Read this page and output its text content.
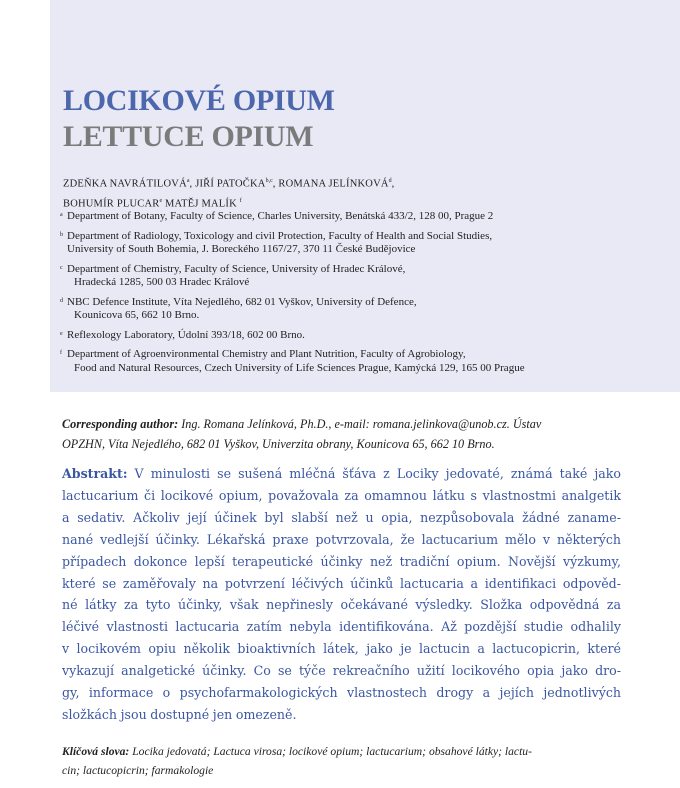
LOCIKOVÉ OPIUM
LETTUCE OPIUM
ZDEŇKA NAVRÁTILOVÁ$^a$, JIŘÍ PATOČKA$^{b,c}$, ROMANA JELÍNKOVÁ$^d$,
BOHUMÍR PLUCAR$^e$ MATĚJ MALÍK $^f$
a Department of Botany, Faculty of Science, Charles University, Benátská 433/2, 128 00, Prague 2
b Department of Radiology, Toxicology and civil Protection, Faculty of Health and Social Studies,
University of South Bohemia, J. Boreckého 1167/27, 370 11 České Budějovice
c Department of Chemistry, Faculty of Science, University of Hradec Králové,
Hradecká 1285, 500 03 Hradec Králové
d NBC Defence Institute, Víta Nejedlého, 682 01 Vyškov, University of Defence,
Kounicova 65, 662 10 Brno.
e Reflexology Laboratory, Údolní 393/18, 602 00 Brno.
f Department of Agroenvironmental Chemistry and Plant Nutrition, Faculty of Agrobiology,
Food and Natural Resources, Czech University of Life Sciences Prague, Kamýcká 129, 165 00 Prague
Corresponding author: Ing. Romana Jelínková, Ph.D., e-mail: romana.jelinkova@unob.cz. Ústav
OPZHN, Víta Nejedlého, 682 01 Vyškov, Univerzita obrany, Kounicova 65, 662 10 Brno.
Abstrakt: V minulosti se sušená mléčná šťáva z Lociky jedovaté, známá také jako
lactucarium či locikové opium, považovala za omamnou látku s vlastnostmi analgetik
a sedativ. Ačkoliv její účinek byl slabší než u opia, nezpůsobovala žádné zaname-
nané vedlejší účinky. Lékařská praxe potvrzovala, že lactucarium mělo v některých
případech dokonce lepší terapeutické účinky než tradiční opium. Novější výzkumy,
které se zaměřovaly na potvrzení léčivých účinků lactucaria a identifikaci odpověd-
né látky za tyto účinky, však nepřinesly očekávané výsledky. Složka odpovědná za
léčivé vlastnosti lactucaria zatím nebyla identifikována. Až pozdější studie odhalily
v locikovém opiu několik bioaktivních látek, jako je lactucin a lactucopicrin, které
vykazují analgetické účinky. Co se týče rekreačního užití locikového opia jako dro-
gy, informace o psychofarmakologických vlastnostech drogy a jejích jednotlivých
složkách jsou dostupné jen omezeně.
Klíčová slova: Locika jedovatá; Lactuca virosa; locikové opium; lactucarium; obsahové látky; lactu-
cin; lactucopicrin; farmakologie
